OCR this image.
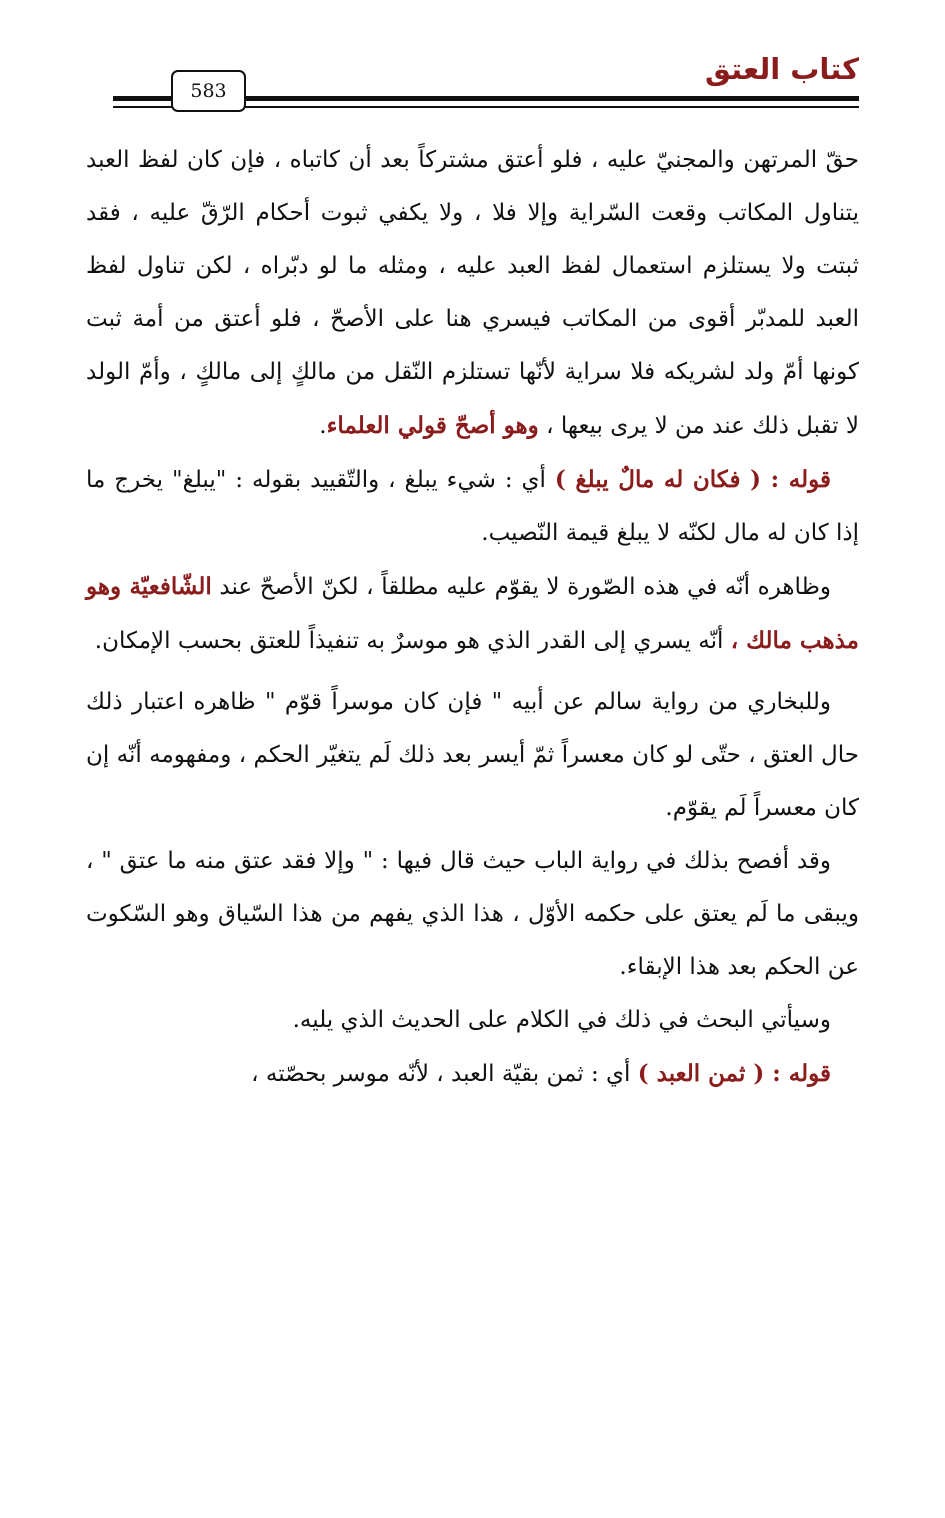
كتاب العتق
583

حقّ المرتهن والمجنيّ عليه ، فلو أعتق مشتركاً بعد أن كاتباه ، فإن كان لفظ العبد يتناول المكاتب وقعت السّراية وإلا فلا ، ولا يكفي ثبوت أحكام الرّقّ عليه ، فقد ثبتت ولا يستلزم استعمال لفظ العبد عليه ، ومثله ما لو دبّراه ، لكن تناول لفظ العبد للمدبّر أقوى من المكاتب فيسري هنا على الأصحّ ، فلو أعتق من أمة ثبت كونها أمّ ولد لشريكه فلا سراية لأنّها تستلزم النّقل من مالكٍ إلى مالكٍ ، وأمّ الولد لا تقبل ذلك عند من لا يرى بيعها ، وهو أصحّ قولي العلماء.

قوله : ( فكان له مالٌ يبلغ ) أي : شيء يبلغ ، والتّقييد بقوله : "يبلغ" يخرج ما إذا كان له مال لكنّه لا يبلغ قيمة النّصيب.

وظاهره أنّه في هذه الصّورة لا يقوّم عليه مطلقاً ، لكنّ الأصحّ عند الشّافعيّة وهو مذهب مالك ، أنّه يسري إلى القدر الذي هو موسرٌ به تنفيذاً للعتق بحسب الإمكان.

وللبخاري من رواية سالم عن أبيه " فإن كان موسراً قوّم " ظاهره اعتبار ذلك حال العتق ، حتّى لو كان معسراً ثمّ أيسر بعد ذلك لَم يتغيّر الحكم ، ومفهومه أنّه إن كان معسراً لَم يقوّم.

وقد أفصح بذلك في رواية الباب حيث قال فيها : " وإلا فقد عتق منه ما عتق " ، ويبقى ما لَم يعتق على حكمه الأوّل ، هذا الذي يفهم من هذا السّياق وهو السّكوت عن الحكم بعد هذا الإبقاء.

وسيأتي البحث في ذلك في الكلام على الحديث الذي يليه.

قوله : ( ثمن العبد ) أي : ثمن بقيّة العبد ، لأنّه موسر بحصّته ،
